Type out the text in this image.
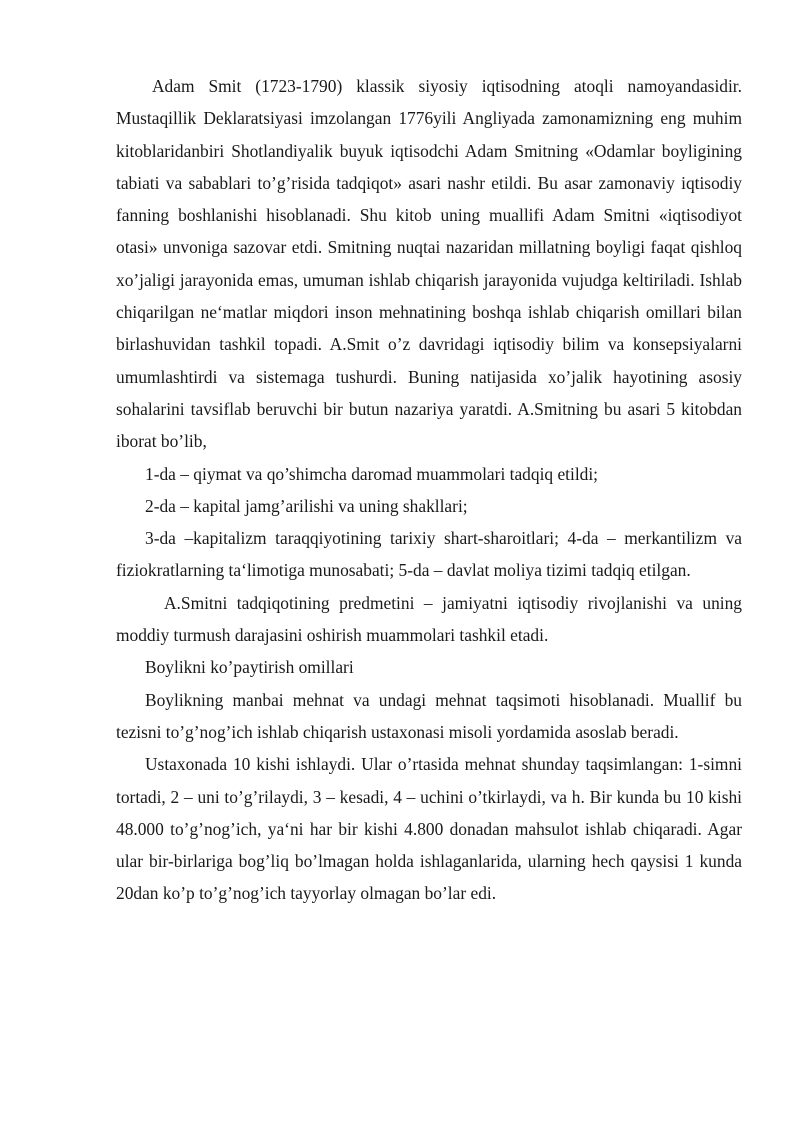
Adam Smit (1723-1790) klassik siyosiy iqtisodning atoqli namoyandasidir. Mustaqillik Deklaratsiyasi imzolangan 1776yili Angliyada zamonamizning eng muhim kitoblaridanbiri Shotlandiyalik buyuk iqtisodchi Adam Smitning «Odamlar boyligining tabiati va sabablari to’g’risida tadqiqot» asari nashr etildi. Bu asar zamonaviy iqtisodiy fanning boshlanishi hisoblanadi. Shu kitob uning muallifi Adam Smitni «iqtisodiyot otasi» unvoniga sazovar etdi. Smitning nuqtai nazaridan millatning boyligi faqat qishloq xo’jaligi jarayonida emas, umuman ishlab chiqarish jarayonida vujudga keltiriladi. Ishlab chiqarilgan ne‘matlar miqdori inson mehnatining boshqa ishlab chiqarish omillari bilan birlashuvidan tashkil topadi. A.Smit o’z davridagi iqtisodiy bilim va konsepsiyalarni umumlashtirdi va sistemaga tushurdi. Buning natijasida xo’jalik hayotining asosiy sohalarini tavsiflab beruvchi bir butun nazariya yaratdi. A.Smitning bu asari 5 kitobdan iborat bo’lib,

1-da – qiymat va qo’shimcha daromad muammolari tadqiq etildi;

2-da – kapital jamg’arilishi va uning shakllari;

3-da –kapitalizm taraqqiyotining tarixiy shart-sharoitlari; 4-da – merkantilizm va fiziokratlarning ta‘limotiga munosabati; 5-da – davlat moliya tizimi tadqiq etilgan.

A.Smitni tadqiqotining predmetini – jamiyatni iqtisodiy rivojlanishi va uning moddiy turmush darajasini oshirish muammolari tashkil etadi.

Boylikni ko’paytirish omillari

Boylikning manbai mehnat va undagi mehnat taqsimoti hisoblanadi. Muallif bu tezisni to’g’nog’ich ishlab chiqarish ustaxonasi misoli yordamida asoslab beradi.

Ustaxonada 10 kishi ishlaydi. Ular o’rtasida mehnat shunday taqsimlangan: 1-simni tortadi, 2 – uni to’g’rilaydi, 3 – kesadi, 4 – uchini o’tkirlaydi, va h. Bir kunda bu 10 kishi 48.000 to’g’nog’ich, ya‘ni har bir kishi 4.800 donadan mahsulot ishlab chiqaradi. Agar ular bir-birlariga bog’liq bo’lmagan holda ishlaganlarida, ularning hech qaysisi 1 kunda 20dan ko’p to’g’nog’ich tayyorlay olmagan bo’lar edi.
